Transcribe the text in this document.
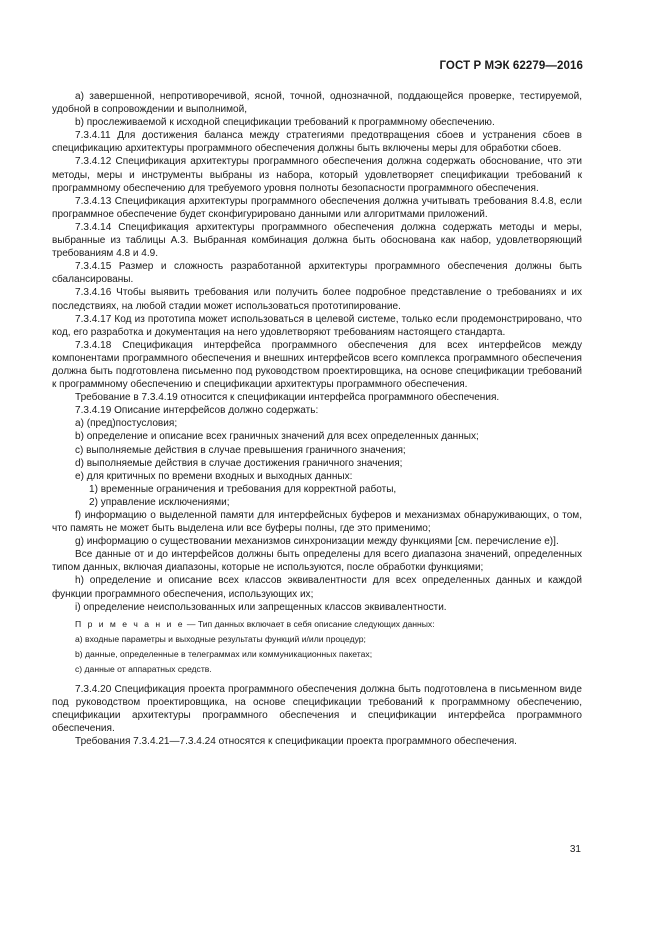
ГОСТ Р МЭК 62279—2016

a) завершенной, непротиворечивой, ясной, точной, однозначной, поддающейся проверке, тестируемой, удобной в сопровождении и выполнимой,

b) прослеживаемой к исходной спецификации требований к программному обеспечению.

7.3.4.11 Для достижения баланса между стратегиями предотвращения сбоев и устранения сбоев в спецификацию архитектуры программного обеспечения должны быть включены меры для обработки сбоев.

7.3.4.12 Спецификация архитектуры программного обеспечения должна содержать обоснование, что эти методы, меры и инструменты выбраны из набора, который удовлетворяет спецификации требований к программному обеспечению для требуемого уровня полноты безопасности программного обеспечения.

7.3.4.13 Спецификация архитектуры программного обеспечения должна учитывать требования 8.4.8, если программное обеспечение будет сконфигурировано данными или алгоритмами приложений.

7.3.4.14 Спецификация архитектуры программного обеспечения должна содержать методы и меры, выбранные из таблицы А.3. Выбранная комбинация должна быть обоснована как набор, удовлетворяющий требованиям 4.8 и 4.9.

7.3.4.15 Размер и сложность разработанной архитектуры программного обеспечения должны быть сбалансированы.

7.3.4.16 Чтобы выявить требования или получить более подробное представление о требованиях и их последствиях, на любой стадии может использоваться прототипирование.

7.3.4.17 Код из прототипа может использоваться в целевой системе, только если продемонстрировано, что код, его разработка и документация на него удовлетворяют требованиям настоящего стандарта.

7.3.4.18 Спецификация интерфейса программного обеспечения для всех интерфейсов между компонентами программного обеспечения и внешних интерфейсов всего комплекса программного обеспечения должна быть подготовлена письменно под руководством проектировщика, на основе спецификации требований к программному обеспечению и спецификации архитектуры программного обеспечения.

Требование в 7.3.4.19 относится к спецификации интерфейса программного обеспечения.

7.3.4.19 Описание интерфейсов должно содержать:

a) (пред)постусловия;

b) определение и описание всех граничных значений для всех определенных данных;

c) выполняемые действия в случае превышения граничного значения;

d) выполняемые действия в случае достижения граничного значения;

e) для критичных по времени входных и выходных данных:

1) временные ограничения и требования для корректной работы,

2) управление исключениями;

f) информацию о выделенной памяти для интерфейсных буферов и механизмах обнаруживающих, о том, что память не может быть выделена или все буферы полны, где это применимо;

g) информацию о существовании механизмов синхронизации между функциями [см. перечисление e)].

Все данные от и до интерфейсов должны быть определены для всего диапазона значений, определенных типом данных, включая диапазоны, которые не используются, после обработки функциями;

h) определение и описание всех классов эквивалентности для всех определенных данных и каждой функции программного обеспечения, использующих их;

i) определение неиспользованных или запрещенных классов эквивалентности.

П р и м е ч а н и е — Тип данных включает в себя описание следующих данных:

a) входные параметры и выходные результаты функций и/или процедур;

b) данные, определенные в телеграммах или коммуникационных пакетах;

c) данные от аппаратных средств.

7.3.4.20 Спецификация проекта программного обеспечения должна быть подготовлена в письменном виде под руководством проектировщика, на основе спецификации требований к программному обеспечению, спецификации архитектуры программного обеспечения и спецификации интерфейса программного обеспечения.

Требования 7.3.4.21—7.3.4.24 относятся к спецификации проекта программного обеспечения.

31
